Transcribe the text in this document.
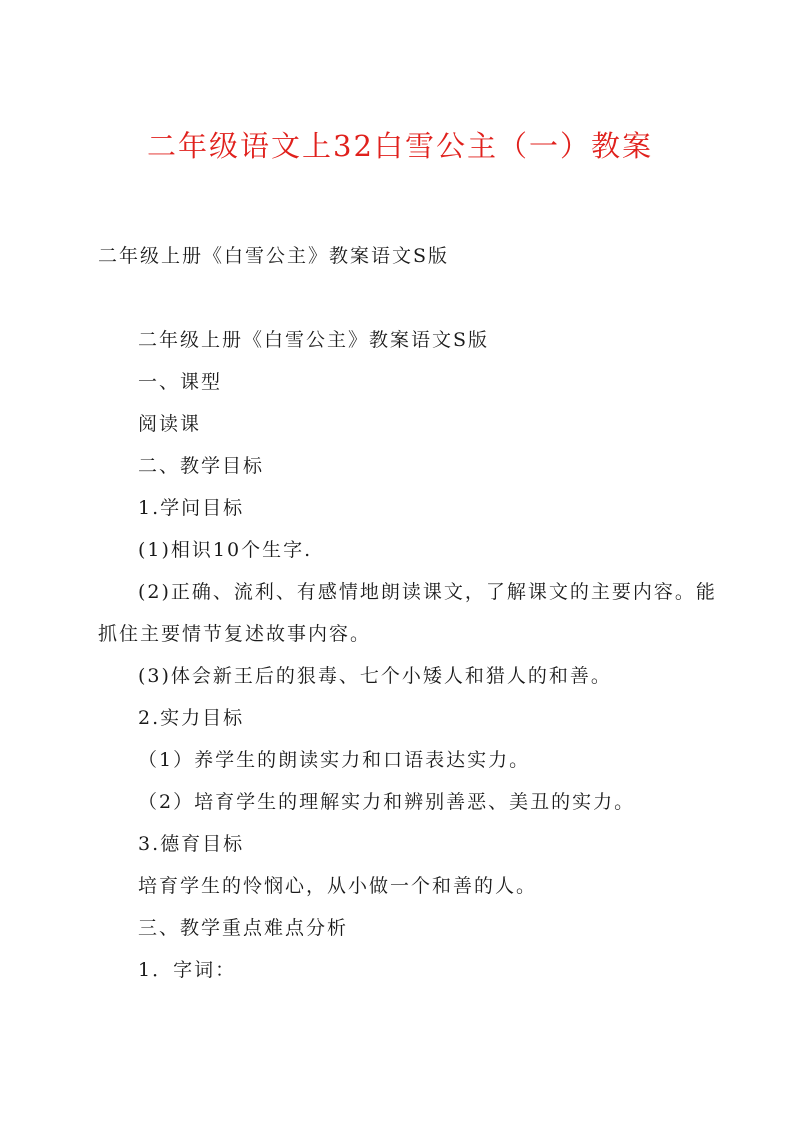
二年级语文上32白雪公主（一）教案
二年级上册《白雪公主》教案语文S版

二年级上册《白雪公主》教案语文S版

一、课型

阅读课

二、教学目标

1.学问目标

(1)相识10个生字.

(2)正确、流利、有感情地朗读课文，了解课文的主要内容。能抓住主要情节复述故事内容。

(3)体会新王后的狠毒、七个小矮人和猎人的和善。

2.实力目标

（1）养学生的朗读实力和口语表达实力。

（2）培育学生的理解实力和辨别善恶、美丑的实力。

3.德育目标

培育学生的怜悯心，从小做一个和善的人。

三、教学重点难点分析

1．字词：
